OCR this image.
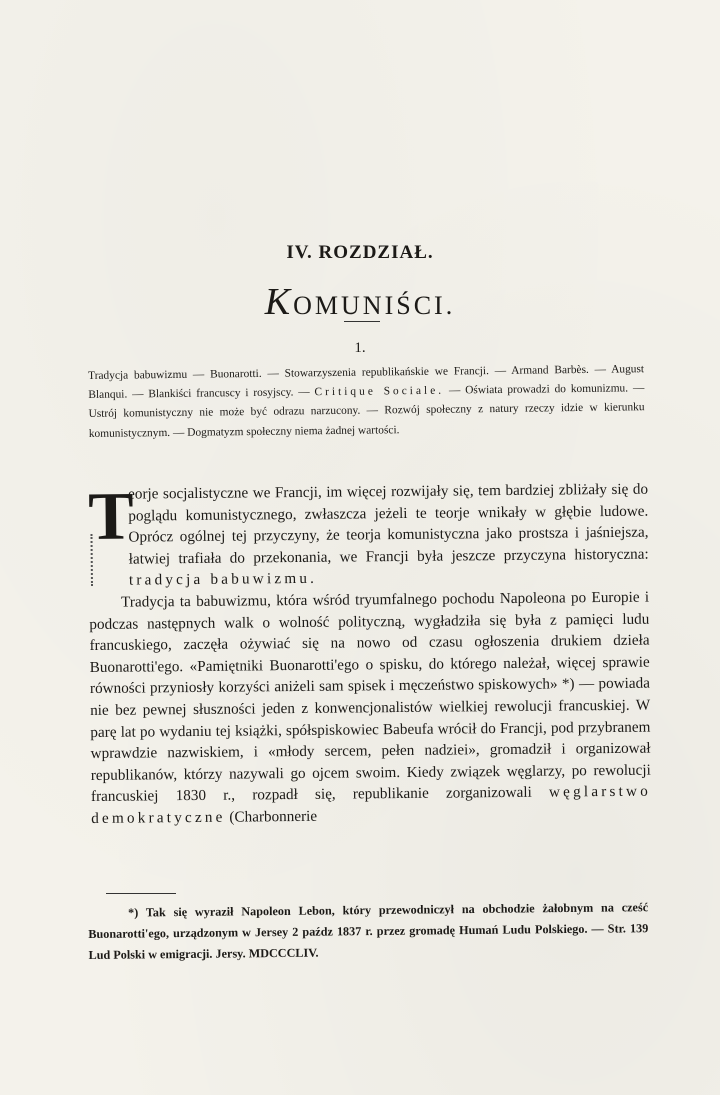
IV. ROZDZIAŁ.
KOMUNIŚCI.
1.
Tradycja babuwizmu — Buonarotti. — Stowarzyszenia republikańskie we Francji. — Armand Barbès. — August Blanqui. — Blankiści francuscy i rosyjscy. — Critique Sociale. — Oświata prowadzi do komunizmu. — Ustrój komunistyczny nie może być odrazu narzucony. — Rozwój społeczny z natury rzeczy idzie w kierunku komunistycznym. — Dogmatyzm społeczny niema żadnej wartości.

T
eorje socjalistyczne we Francji, im więcej rozwijały się, tem bardziej zbliżały się do poglądu komunistycznego, zwłaszcza jeżeli te teorje wnikały w głębie ludowe. Oprócz ogólnej tej przyczyny, że teorja komunistyczna jako prostsza i jaśniejsza, łatwiej trafiała do przekonania, we Francji była jeszcze przyczyna historyczna: tradycja babuwizmu.

Tradycja ta babuwizmu, która wśród tryumfalnego pochodu Napoleona po Europie i podczas następnych walk o wolność polityczną, wygładziła się była z pamięci ludu francuskiego, zaczęła ożywiać się na nowo od czasu ogłoszenia drukiem dzieła Buonarotti'ego. «Pamiętniki Buonarotti'ego o spisku, do którego należał, więcej sprawie równości przyniosły korzyści aniżeli sam spisek i męczeństwo spiskowych» *) — powiada nie bez pewnej słuszności jeden z konwencjonalistów wielkiej rewolucji francuskiej. W parę lat po wydaniu tej książki, spółspiskowiec Babeufa wrócił do Francji, pod przybranem wprawdzie nazwiskiem, i «młody sercem, pełen nadziei», gromadził i organizował republikanów, którzy nazywali go ojcem swoim. Kiedy związek węglarzy, po rewolucji francuskiej 1830 r., rozpadł się, republikanie zorganizowali węglarstwo demokratyczne (Charbonnerie

*) Tak się wyraził Napoleon Lebon, który przewodniczył na obchodzie żałobnym na cześć Buonarotti'ego, urządzonym w Jersey 2 paźdz 1837 r. przez gromadę Humań Ludu Polskiego. — Str. 139 Lud Polski w emigracji. Jersy. MDCCCLIV.
